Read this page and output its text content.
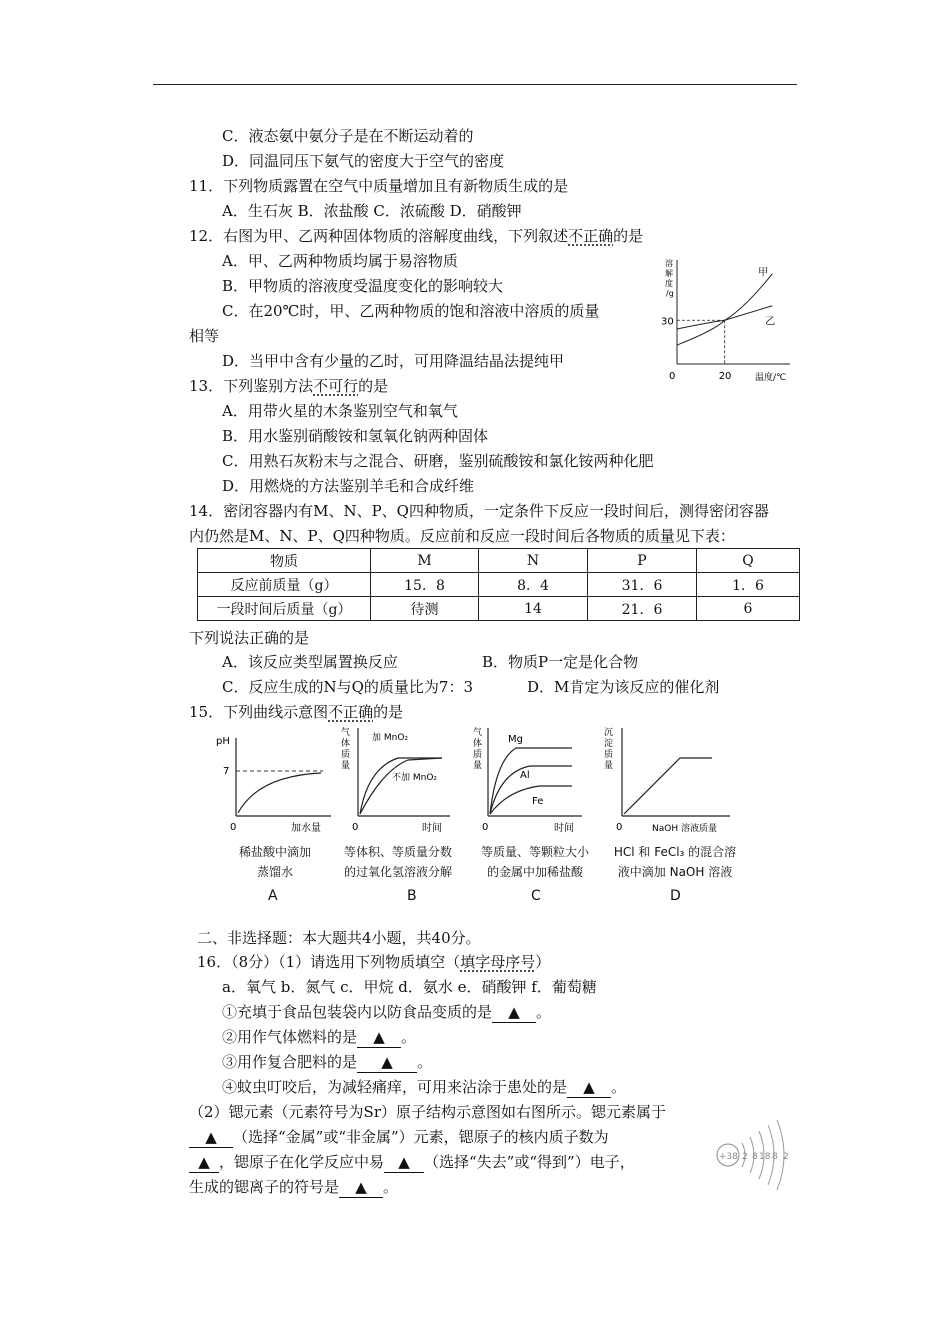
C．液态氨中氨分子是在不断运动着的
D．同温同压下氨气的密度大于空气的密度
11．下列物质露置在空气中质量增加且有新物质生成的是
A．生石灰 B．浓盐酸 C．浓硫酸 D．硝酸钾
12．右图为甲、乙两种固体物质的溶解度曲线，下列叙述不正确的是
A．甲、乙两种物质均属于易溶物质
B．甲物质的溶液度受温度变化的影响较大
C．在20℃时，甲、乙两种物质的饱和溶液中溶质的质量
相等
D．当甲中含有少量的乙时，可用降温结晶法提纯甲
溶
解
度
/g
甲
乙
30
0	20	温度/℃
13．下列鉴别方法不可行的是
A．用带火星的木条鉴别空气和氧气
B．用水鉴别硝酸铵和氢氧化钠两种固体
C．用熟石灰粉末与之混合、研磨，鉴别硫酸铵和氯化铵两种化肥
D．用燃烧的方法鉴别羊毛和合成纤维
14．密闭容器内有M、N、P、Q四种物质，一定条件下反应一段时间后，测得密闭容器
内仍然是M、N、P、Q四种物质。反应前和反应一段时间后各物质的质量见下表：
物质	M	N	P	Q
反应前质量（g）	15．8	8．4	31．6	1．6
一段时间后质量（g）	待测	14	21．6	6
下列说法正确的是
A．该反应类型属置换反应	B．物质P一定是化合物
C．反应生成的N与Q的质量比为7：3	D．M肯定为该反应的催化剂
15．下列曲线示意图不正确的是
pH
7
0	加水量
稀盐酸中滴加
蒸馏水
A
气
体
质
量
加 MnO₂
不加 MnO₂
0	时间
等体积、等质量分数
的过氧化氢溶液分解
B
气
体
质
量
Mg
Al
Fe
0	时间
等质量、等颗粒大小
的金属中加稀盐酸
C
沉
淀
质
量
0	NaOH 溶液质量
HCl 和 FeCl₃ 的混合溶
液中滴加 NaOH 溶液
D
二、非选择题：本大题共4小题，共40分。
16．（8分）（1）请选用下列物质填空（填字母序号）
a．氧气 b．氮气 c．甲烷 d．氨水 e．硝酸钾 f．葡萄糖
①充填于食品包装袋内以防食品变质的是 ▲ 。
②用作气体燃料的是 ▲ 。
③用作复合肥料的是 ▲ 。
④蚊虫叮咬后，为减轻痛痒，可用来沾涂于患处的是 ▲ 。
（2）锶元素（元素符号为Sr）原子结构示意图如右图所示。锶元素属于
▲ （选择“金属”或“非金属”）元素，锶原子的核内质子数为
▲ ，锶原子在化学反应中易 ▲ （选择“失去”或“得到”）电子，
生成的锶离子的符号是 ▲ 。
+38 2 8 18 8 2
